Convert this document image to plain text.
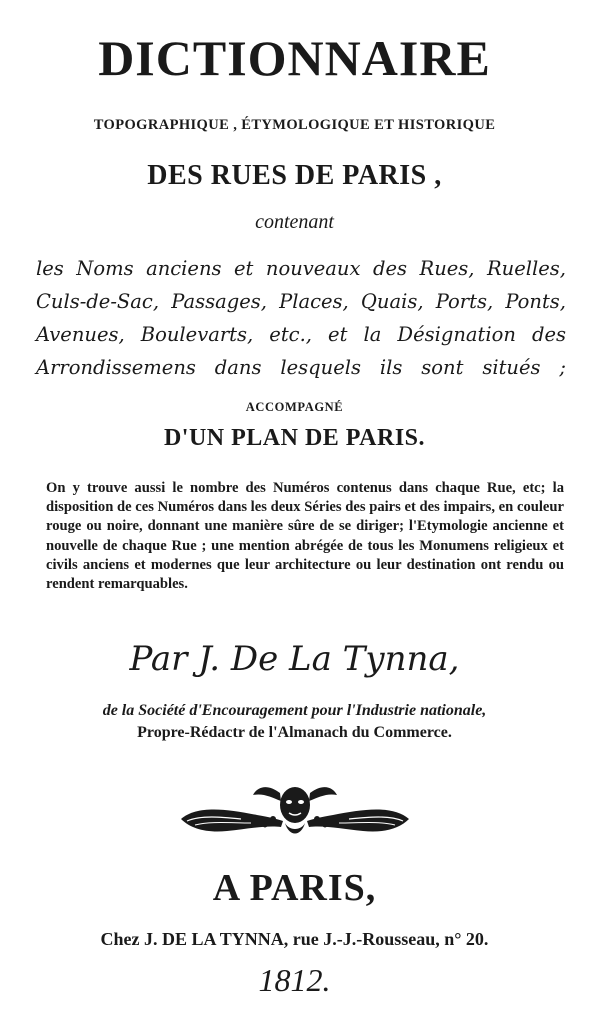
DICTIONNAIRE
TOPOGRAPHIQUE , ÉTYMOLOGIQUE ET HISTORIQUE
DES RUES DE PARIS ,
contenant
les Noms anciens et nouveaux des Rues, Ruelles,
Culs-de-Sac, Passages, Places, Quais, Ports, Ponts,
Avenues, Boulevarts, etc., et la Désignation des
Arrondissemens dans lesquels ils sont situés ;
ACCOMPAGNÉ
D'UN PLAN DE PARIS.
On y trouve aussi le nombre des Numéros contenus dans chaque Rue, etc; la disposition de ces Numéros dans les deux Séries des pairs et des impairs, en couleur rouge ou noire, donnant une manière sûre de se diriger; l'Etymologie ancienne et nouvelle de chaque Rue ; une mention abrégée de tous les Monumens religieux et civils anciens et modernes que leur architecture ou leur destination ont rendu ou rendent remarquables.
Par J. De La Tynna,
de la Société d'Encouragement pour l'Industrie nationale,
Propre-Rédactr de l'Almanach du Commerce.
A PARIS,
Chez J. DE LA TYNNA, rue J.-J.-Rousseau, n° 20.
1812.
